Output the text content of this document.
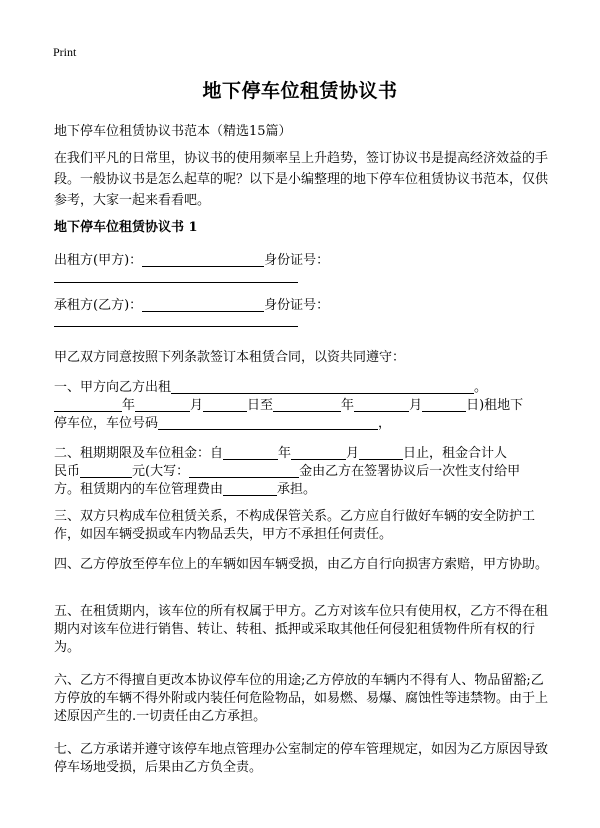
Print
地下停车位租赁协议书
地下停车位租赁协议书范本（精选15篇）
在我们平凡的日常里，协议书的使用频率呈上升趋势，签订协议书是提高经济效益的手段。一般协议书是怎么起草的呢？以下是小编整理的地下停车位租赁协议书范本，仅供参考，大家一起来看看吧。
地下停车位租赁协议书 1
出租方(甲方)：	身份证号：
承租方(乙方)：	身份证号：
甲乙双方同意按照下列条款签订本租赁合同，以资共同遵守：
一、甲方向乙方出租	。
年	月	日至	年	月	日)租地下
停车位，车位号码	，
二、租期期限及车位租金：自	年	月	日止，租金合计人
民币	元(大写：	金由乙方在签署协议后一次性支付给甲
方。租赁期内的车位管理费由	承担。
三、双方只构成车位租赁关系，不构成保管关系。乙方应自行做好车辆的安全防护工作，如因车辆受损或车内物品丢失，甲方不承担任何责任。
四、乙方停放至停车位上的车辆如因车辆受损，由乙方自行向损害方索赔，甲方协助。
五、在租赁期内，该车位的所有权属于甲方。乙方对该车位只有使用权，乙方不得在租期内对该车位进行销售、转让、转租、抵押或采取其他任何侵犯租赁物件所有权的行为。
六、乙方不得擅自更改本协议停车位的用途;乙方停放的车辆内不得有人、物品留豁;乙方停放的车辆不得外附或内装任何危险物品，如易燃、易爆、腐蚀性等违禁物。由于上述原因产生的.一切责任由乙方承担。
七、乙方承诺并遵守该停车地点管理办公室制定的停车管理规定，如因为乙方原因导致停车场地受损，后果由乙方负全责。
